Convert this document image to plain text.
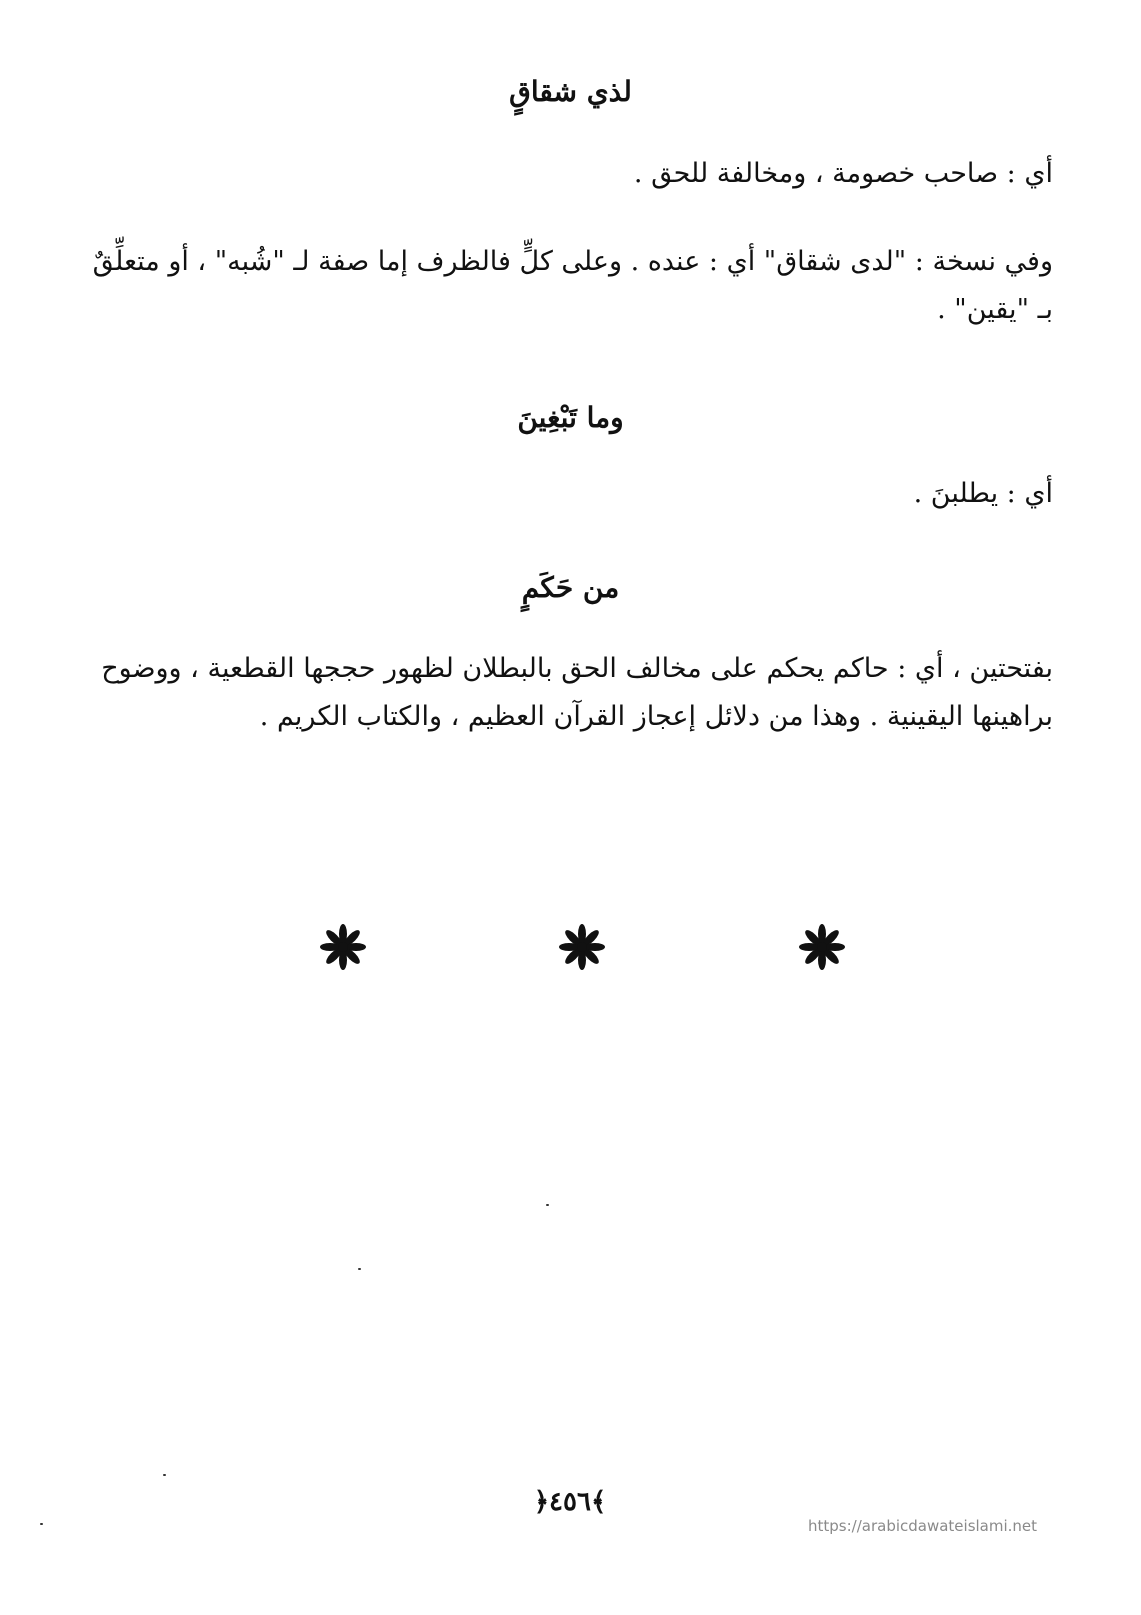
لذي شقاقٍ
أي : صاحب خصومة ، ومخالفة للحق .
وفي نسخة : "لدى شقاق" أي : عنده . وعلى كلٍّ فالظرف إما صفة لـ "شُبه" ، أو متعلِّقٌ بـ "يقين" .
وما تَبْغِينَ
أي : يطلبنَ .
من حَكَمٍ
بفتحتين ، أي : حاكم يحكم على مخالف الحق بالبطلان لظهور حججها القطعية ، ووضوح براهينها اليقينية . وهذا من دلائل إعجاز القرآن العظيم ، والكتاب الكريم .
﴿٤٥٦﴾
https://arabicdawateislami.net
